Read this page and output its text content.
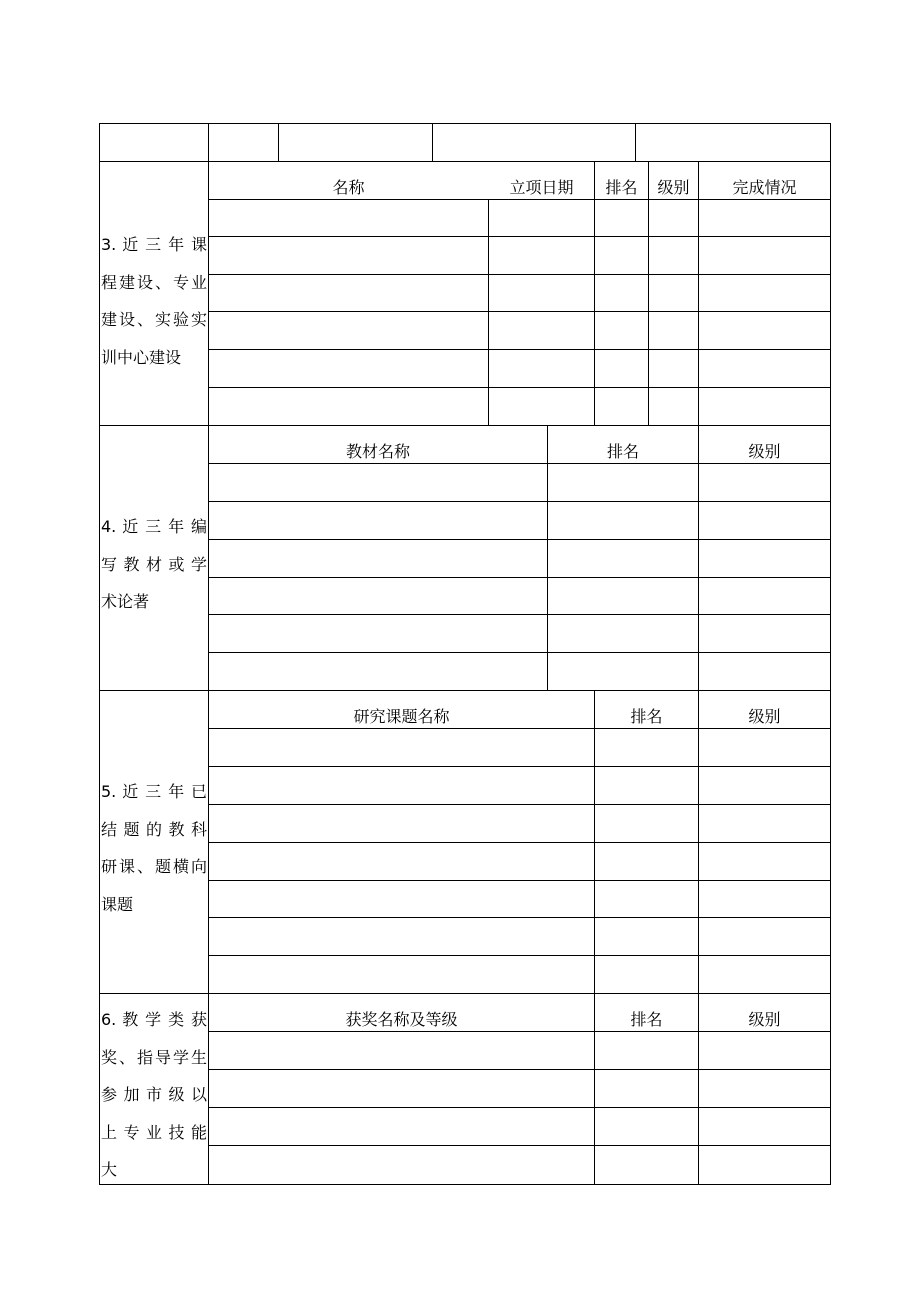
3. 近 三 年 课
程建设、专业
建设、实验实
训中心建设
名称	立项日期	排名	级别	完成情况
4. 近 三 年 编
写 教 材 或 学
术论著
教材名称	排名	级别
5. 近 三 年 已
结 题 的 教 科
研课、题横向
课题
研究课题名称	排名	级别
6. 教 学 类 获
奖、指导学生
参 加 市 级 以
上 专 业 技 能
大
获奖名称及等级	排名	级别
